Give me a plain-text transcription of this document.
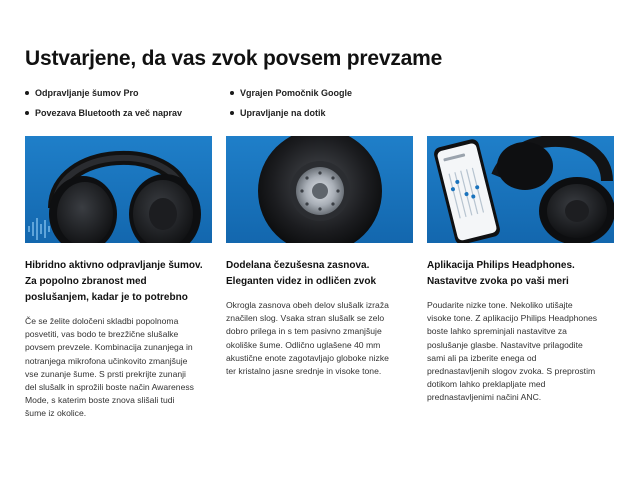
Ustvarjene, da vas zvok povsem prevzame
Odpravljanje šumov Pro	Vgrajen Pomočnik Google
Povezava Bluetooth za več naprav	Upravljanje na dotik
Hibridno aktivno odpravljanje šumov.
Za popolno zbranost med
poslušanjem, kadar je to potrebno
Če se želite določeni skladbi popolnoma
posvetiti, vas bodo te brezžične slušalke
povsem prevzele. Kombinacija zunanjega in
notranjega mikrofona učinkovito zmanjšuje
vse zunanje šume. S prsti prekrijte zunanji
del slušalk in sprožili boste način Awareness
Mode, s katerim boste znova slišali tudi
šume iz okolice.
Dodelana čezušesna zasnova.
Eleganten videz in odličen zvok
Okrogla zasnova obeh delov slušalk izraža
značilen slog. Vsaka stran slušalk se zelo
dobro prilega in s tem pasivno zmanjšuje
okoliške šume. Odlično uglašene 40 mm
akustične enote zagotavljajo globoke nizke
ter kristalno jasne srednje in visoke tone.
Aplikacija Philips Headphones.
Nastavitve zvoka po vaši meri
Poudarite nizke tone. Nekoliko utišajte
visoke tone. Z aplikacijo Philips Headphones
boste lahko spreminjali nastavitve za
poslušanje glasbe. Nastavitve prilagodite
sami ali pa izberite enega od
prednastavljenih slogov zvoka. S preprostim
dotikom lahko preklapljate med
prednastavljenimi načini ANC.
